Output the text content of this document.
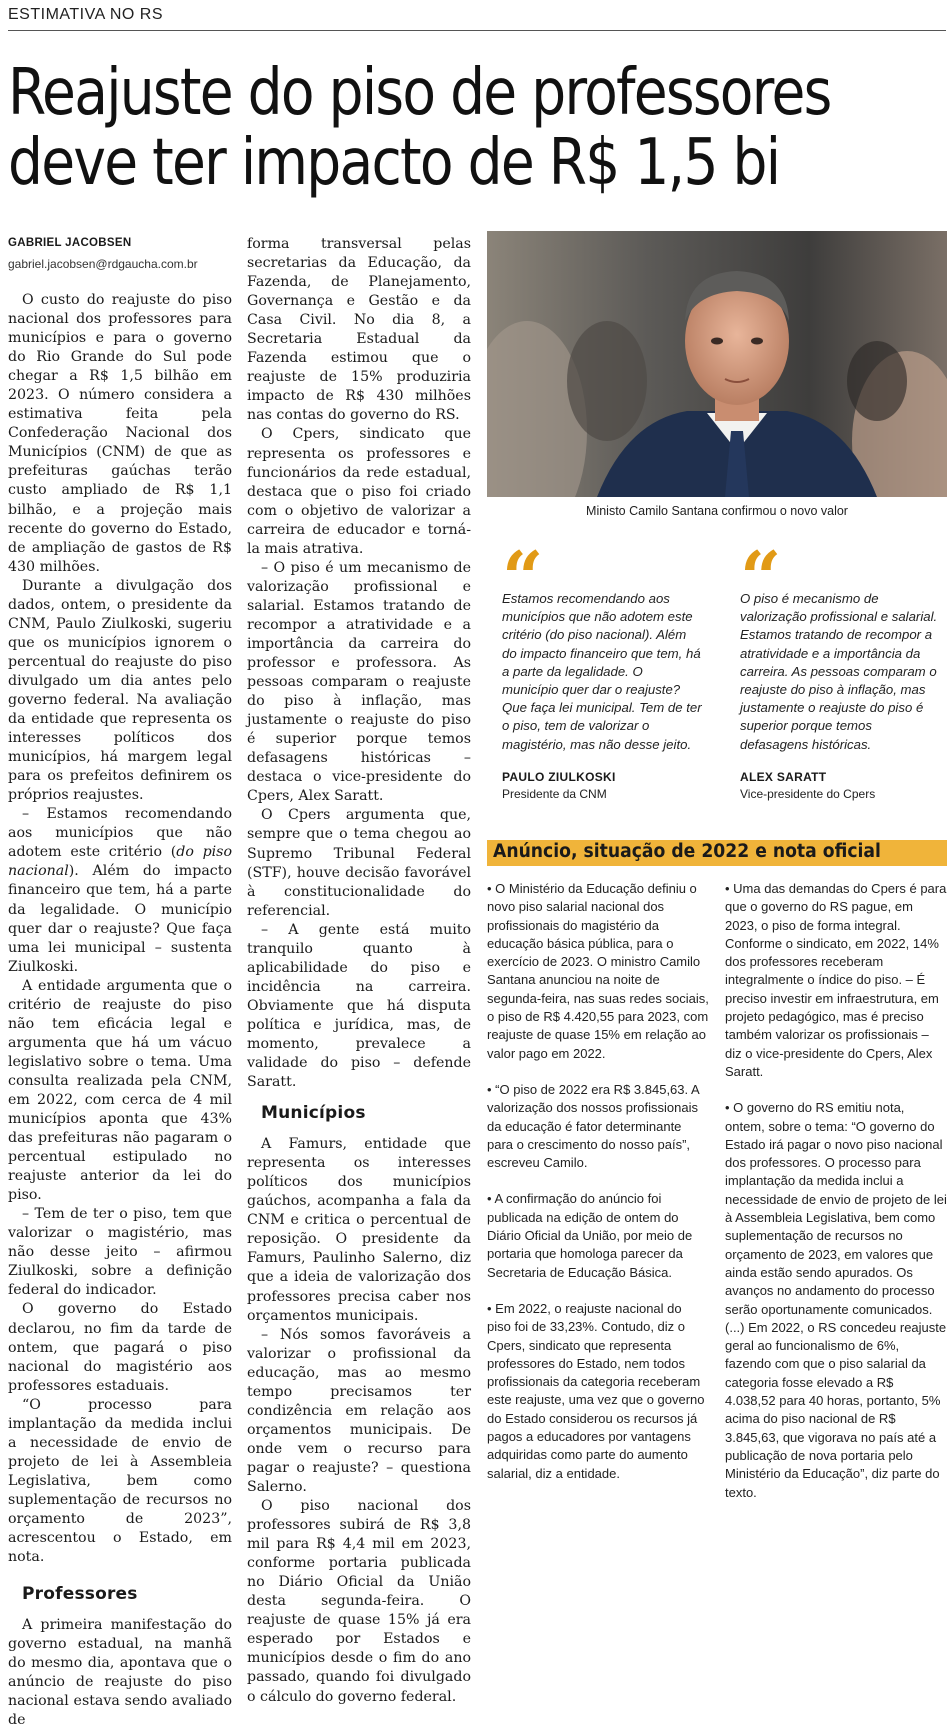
ESTIMATIVA NO RS
Reajuste do piso de professores
deve ter impacto de R$ 1,5 bi
GABRIEL JACOBSEN
gabriel.jacobsen@rdgaucha.com.br

O custo do reajuste do piso nacional dos professores para municípios e para o governo do Rio Grande do Sul pode chegar a R$ 1,5 bilhão em 2023. O número considera a estimativa feita pela Confederação Nacional dos Municípios (CNM) de que as prefeituras gaúchas terão custo ampliado de R$ 1,1 bilhão, e a projeção mais recente do governo do Estado, de ampliação de gastos de R$ 430 milhões.

Durante a divulgação dos dados, ontem, o presidente da CNM, Paulo Ziulkoski, sugeriu que os municípios ignorem o percentual do reajuste do piso divulgado um dia antes pelo governo federal. Na avaliação da entidade que representa os interesses políticos dos municípios, há margem legal para os prefeitos definirem os próprios reajustes.

– Estamos recomendando aos municípios que não adotem este critério (do piso nacional). Além do impacto financeiro que tem, há a parte da legalidade. O município quer dar o reajuste? Que faça uma lei municipal – sustenta Ziulkoski.

A entidade argumenta que o critério de reajuste do piso não tem eficácia legal e argumenta que há um vácuo legislativo sobre o tema. Uma consulta realizada pela CNM, em 2022, com cerca de 4 mil municípios aponta que 43% das prefeituras não pagaram o percentual estipulado no reajuste anterior da lei do piso.

– Tem de ter o piso, tem que valorizar o magistério, mas não desse jeito – afirmou Ziulkoski, sobre a definição federal do indicador.

O governo do Estado declarou, no fim da tarde de ontem, que pagará o piso nacional do magistério aos professores estaduais.

“O processo para implantação da medida inclui a necessidade de envio de projeto de lei à Assembleia Legislativa, bem como suplementação de recursos no orçamento de 2023”, acrescentou o Estado, em nota.

Professores

A primeira manifestação do governo estadual, na manhã do mesmo dia, apontava que o anúncio de reajuste do piso nacional estava sendo avaliado de

forma transversal pelas secretarias da Educação, da Fazenda, de Planejamento, Governança e Gestão e da Casa Civil. No dia 8, a Secretaria Estadual da Fazenda estimou que o reajuste de 15% produziria impacto de R$ 430 milhões nas contas do governo do RS.

O Cpers, sindicato que representa os professores e funcionários da rede estadual, destaca que o piso foi criado com o objetivo de valorizar a carreira de educador e torná-la mais atrativa.

– O piso é um mecanismo de valorização profissional e salarial. Estamos tratando de recompor a atratividade e a importância da carreira do professor e professora. As pessoas comparam o reajuste do piso à inflação, mas justamente o reajuste do piso é superior porque temos defasagens históricas – destaca o vice-presidente do Cpers, Alex Saratt.

O Cpers argumenta que, sempre que o tema chegou ao Supremo Tribunal Federal (STF), houve decisão favorável à constitucionalidade do referencial.

– A gente está muito tranquilo quanto à aplicabilidade do piso e incidência na carreira. Obviamente que há disputa política e jurídica, mas, de momento, prevalece a validade do piso – defende Saratt.

Municípios

A Famurs, entidade que representa os interesses políticos dos municípios gaúchos, acompanha a fala da CNM e critica o percentual de reposição. O presidente da Famurs, Paulinho Salerno, diz que a ideia de valorização dos professores precisa caber nos orçamentos municipais.

– Nós somos favoráveis a valorizar o profissional da educação, mas ao mesmo tempo precisamos ter condizência em relação aos orçamentos municipais. De onde vem o recurso para pagar o reajuste? – questiona Salerno.

O piso nacional dos professores subirá de R$ 3,8 mil para R$ 4,4 mil em 2023, conforme portaria publicada no Diário Oficial da União desta segunda-feira. O reajuste de quase 15% já era esperado por Estados e municípios desde o fim do ano passado, quando foi divulgado o cálculo do governo federal.

Ministo Camilo Santana confirmou o novo valor
“
Estamos recomendando aos municípios que não adotem este critério (do piso nacional). Além do impacto financeiro que tem, há a parte da legalidade. O município quer dar o reajuste? Que faça lei municipal. Tem de ter o piso, tem de valorizar o magistério, mas não desse jeito.
PAULO ZIULKOSKI
Presidente da CNM
“
O piso é mecanismo de valorização profissional e salarial. Estamos tratando de recompor a atratividade e a importância da carreira. As pessoas comparam o reajuste do piso à inflação, mas justamente o reajuste do piso é superior porque temos defasagens históricas.
ALEX SARATT
Vice-presidente do Cpers
Anúncio, situação de 2022 e nota oficial

• O Ministério da Educação definiu o novo piso salarial nacional dos profissionais do magistério da educação básica pública, para o exercício de 2023. O ministro Camilo Santana anunciou na noite de segunda-feira, nas suas redes sociais, o piso de R$ 4.420,55 para 2023, com reajuste de quase 15% em relação ao valor pago em 2022.

• “O piso de 2022 era R$ 3.845,63. A valorização dos nossos profissionais da educação é fator determinante para o crescimento do nosso país”, escreveu Camilo.

• A confirmação do anúncio foi publicada na edição de ontem do Diário Oficial da União, por meio de portaria que homologa parecer da Secretaria de Educação Básica.

• Em 2022, o reajuste nacional do piso foi de 33,23%. Contudo, diz o Cpers, sindicato que representa professores do Estado, nem todos profissionais da categoria receberam este reajuste, uma vez que o governo do Estado considerou os recursos já pagos a educadores por vantagens adquiridas como parte do aumento salarial, diz a entidade.

• Uma das demandas do Cpers é para que o governo do RS pague, em 2023, o piso de forma integral. Conforme o sindicato, em 2022, 14% dos professores receberam integralmente o índice do piso. – É preciso investir em infraestrutura, em projeto pedagógico, mas é preciso também valorizar os profissionais – diz o vice-presidente do Cpers, Alex Saratt.

• O governo do RS emitiu nota, ontem, sobre o tema: “O governo do Estado irá pagar o novo piso nacional dos professores. O processo para implantação da medida inclui a necessidade de envio de projeto de lei à Assembleia Legislativa, bem como suplementação de recursos no orçamento de 2023, em valores que ainda estão sendo apurados. Os avanços no andamento do processo serão oportunamente comunicados. (...) Em 2022, o RS concedeu reajuste geral ao funcionalismo de 6%, fazendo com que o piso salarial da categoria fosse elevado a R$ 4.038,52 para 40 horas, portanto, 5% acima do piso nacional de R$ 3.845,63, que vigorava no país até a publicação de nova portaria pelo Ministério da Educação”, diz parte do texto.
